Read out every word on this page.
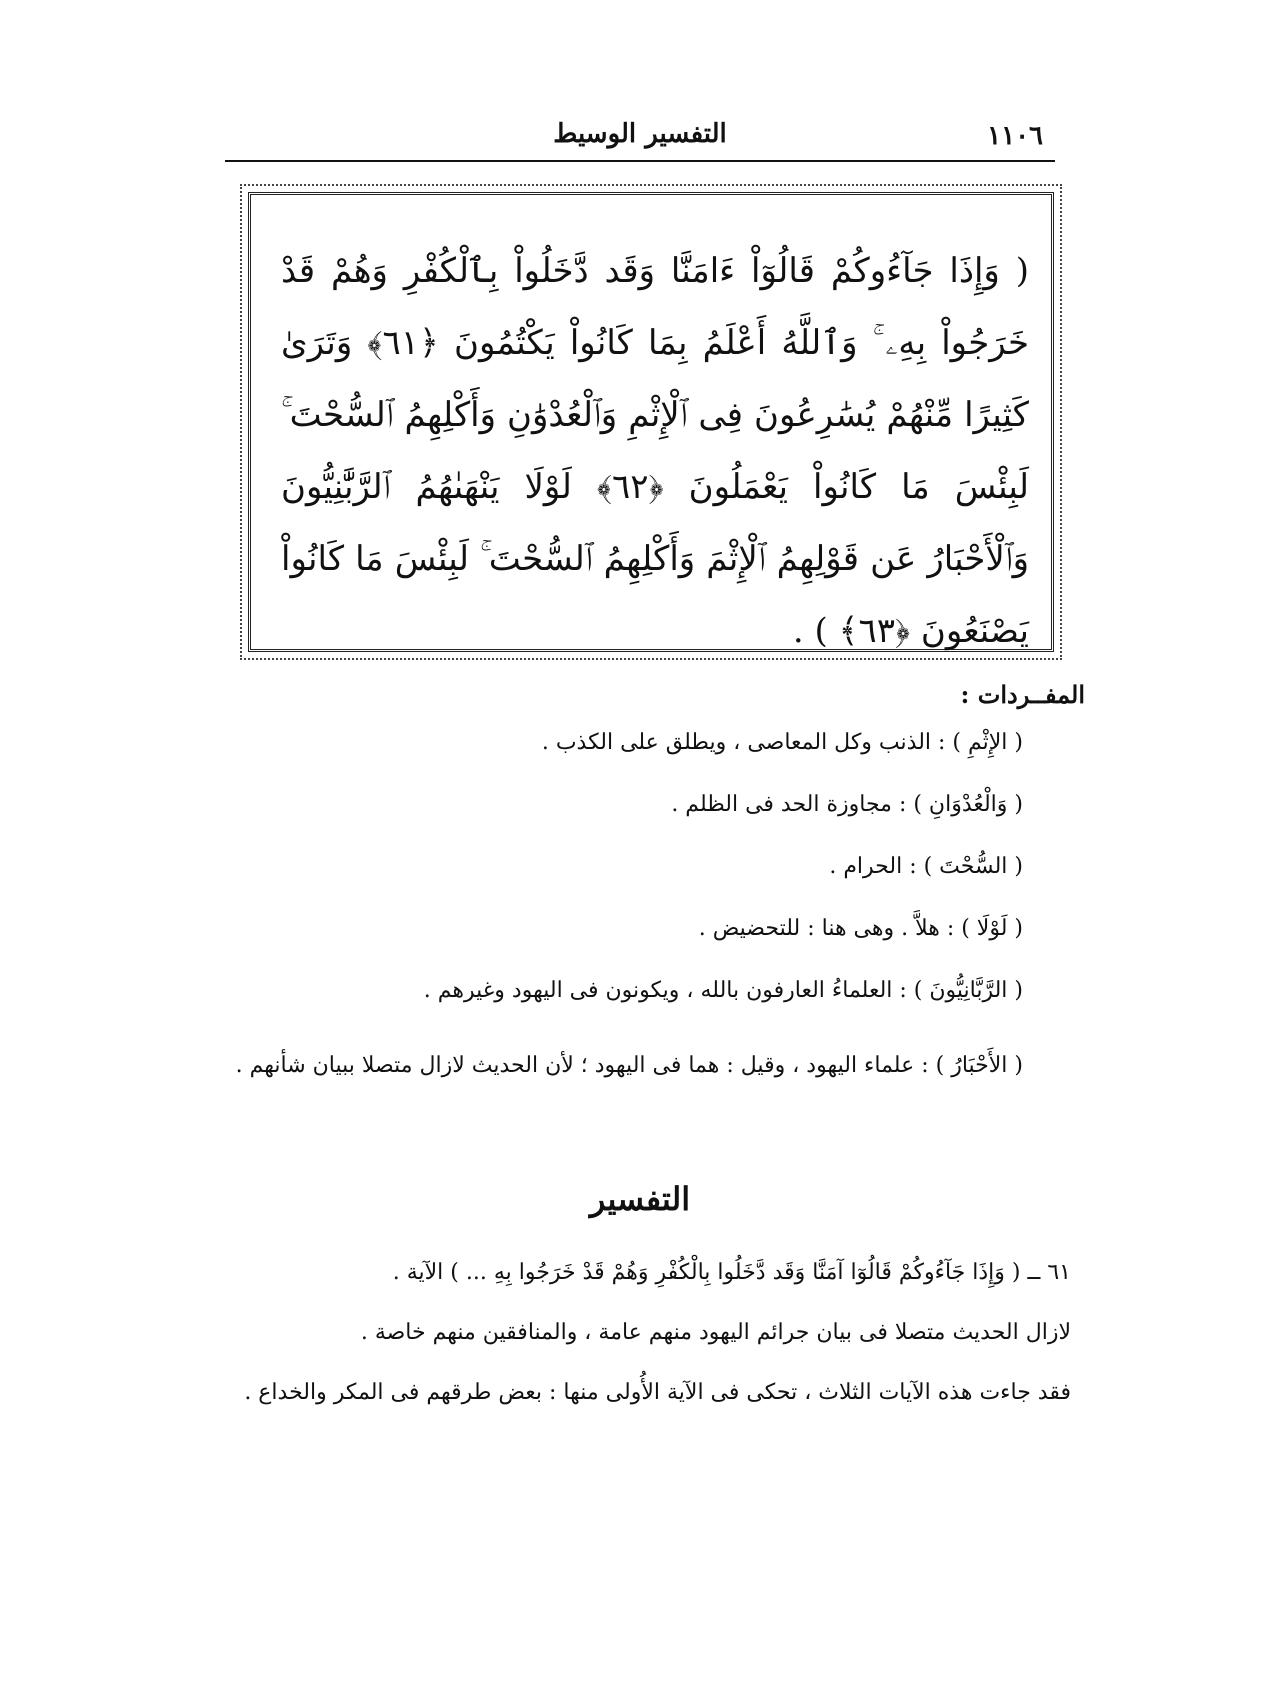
١١٠٦
التفسير الوسيط
( وَإِذَا جَآءُوكُمْ قَالُوٓاْ ءَامَنَّا وَقَد دَّخَلُواْ بِٱلْكُفْرِ وَهُمْ قَدْ خَرَجُواْ بِهِۦ ۚ وَٱللَّهُ أَعْلَمُ بِمَا كَانُواْ يَكْتُمُونَ ﴿٦١﴾ وَتَرَىٰ كَثِيرًا مِّنْهُمْ يُسَٰرِعُونَ فِى ٱلْإِثْمِ وَٱلْعُدْوَٰنِ وَأَكْلِهِمُ ٱلسُّحْتَ ۚ لَبِئْسَ مَا كَانُواْ يَعْمَلُونَ ﴿٦٢﴾ لَوْلَا يَنْهَىٰهُمُ ٱلرَّبَّٰنِيُّونَ وَٱلْأَحْبَارُ عَن قَوْلِهِمُ ٱلْإِثْمَ وَأَكْلِهِمُ ٱلسُّحْتَ ۚ لَبِئْسَ مَا كَانُواْ يَصْنَعُونَ ﴿٦٣﴾ ) .
المفــردات :
( الإِثْمِ ) : الذنب وكل المعاصى ، ويطلق على الكذب .
( وَالْعُدْوَانِ ) : مجاوزة الحد فى الظلم .
( السُّحْتَ ) : الحرام .
( لَوْلَا ) : هلاَّ . وهى هنا : للتحضيض .
( الرَّبَّانِيُّونَ ) : العلماءُ العارفون بالله ، ويكونون فى اليهود وغيرهم .
( الأَحْبَارُ ) : علماء اليهود ، وقيل : هما فى اليهود ؛ لأن الحديث لازال متصلا ببيان شأنهم .
التفسير

٦١ ــ ( وَإِذَا جَآءُوكُمْ قَالُوٓا آمَنَّا وَقَد دَّخَلُوا بِالْكُفْرِ وَهُمْ قَدْ خَرَجُوا بِهِ ... ) الآية .

لازال الحديث متصلا فى بيان جرائم اليهود منهم عامة ، والمنافقين منهم خاصة .

فقد جاءت هذه الآيات الثلاث ، تحكى فى الآية الأُولى منها : بعض طرقهم فى المكر والخداع .
